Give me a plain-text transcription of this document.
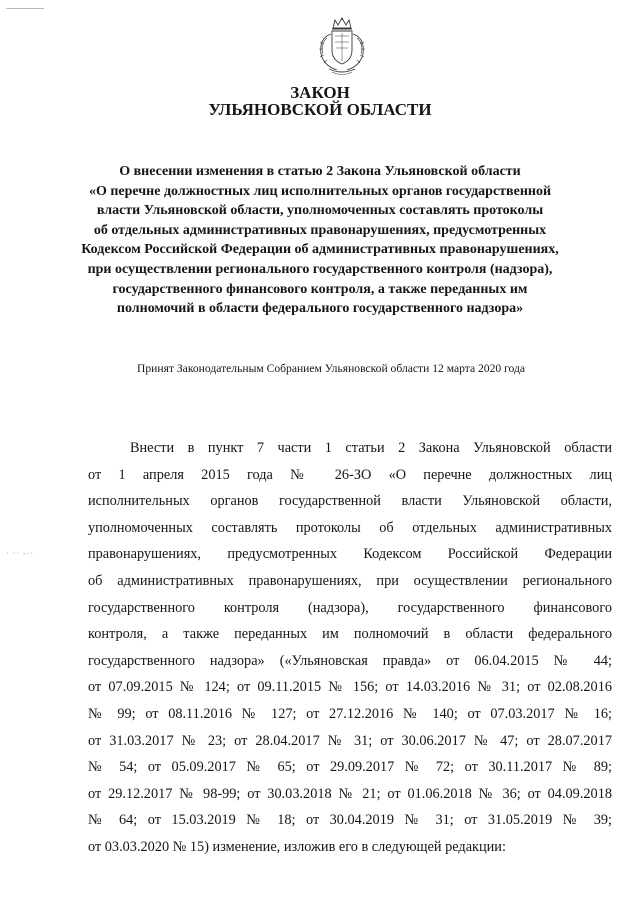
ЗАКОН
УЛЬЯНОВСКОЙ ОБЛАСТИ
О внесении изменения в статью 2 Закона Ульяновской области
«О перечне должностных лиц исполнительных органов государственной
власти Ульяновской области, уполномоченных составлять протоколы
об отдельных административных правонарушениях, предусмотренных
Кодексом Российской Федерации об административных правонарушениях,
при осуществлении регионального государственного контроля (надзора),
государственного финансового контроля, а также переданных им
полномочий в области федерального государственного надзора»
Принят Законодательным Собранием Ульяновской области 12 марта 2020 года
· ·· -··
Внести в пункт 7 части 1 статьи 2 Закона Ульяновской области
от 1 апреля 2015 года № 26-ЗО «О перечне должностных лиц
исполнительных органов государственной власти Ульяновской области,
уполномоченных составлять протоколы об отдельных административных
правонарушениях, предусмотренных Кодексом Российской Федерации
об административных правонарушениях, при осуществлении регионального
государственного контроля (надзора), государственного финансового
контроля, а также переданных им полномочий в области федерального
государственного надзора» («Ульяновская правда» от 06.04.2015 № 44;
от 07.09.2015 № 124; от 09.11.2015 № 156; от 14.03.2016 № 31; от 02.08.2016
№ 99; от 08.11.2016 № 127; от 27.12.2016 № 140; от 07.03.2017 № 16;
от 31.03.2017 № 23; от 28.04.2017 № 31; от 30.06.2017 № 47; от 28.07.2017
№ 54; от 05.09.2017 № 65; от 29.09.2017 № 72; от 30.11.2017 № 89;
от 29.12.2017 № 98-99; от 30.03.2018 № 21; от 01.06.2018 № 36; от 04.09.2018
№ 64; от 15.03.2019 № 18; от 30.04.2019 № 31; от 31.05.2019 № 39;
от 03.03.2020 № 15) изменение, изложив его в следующей редакции:
